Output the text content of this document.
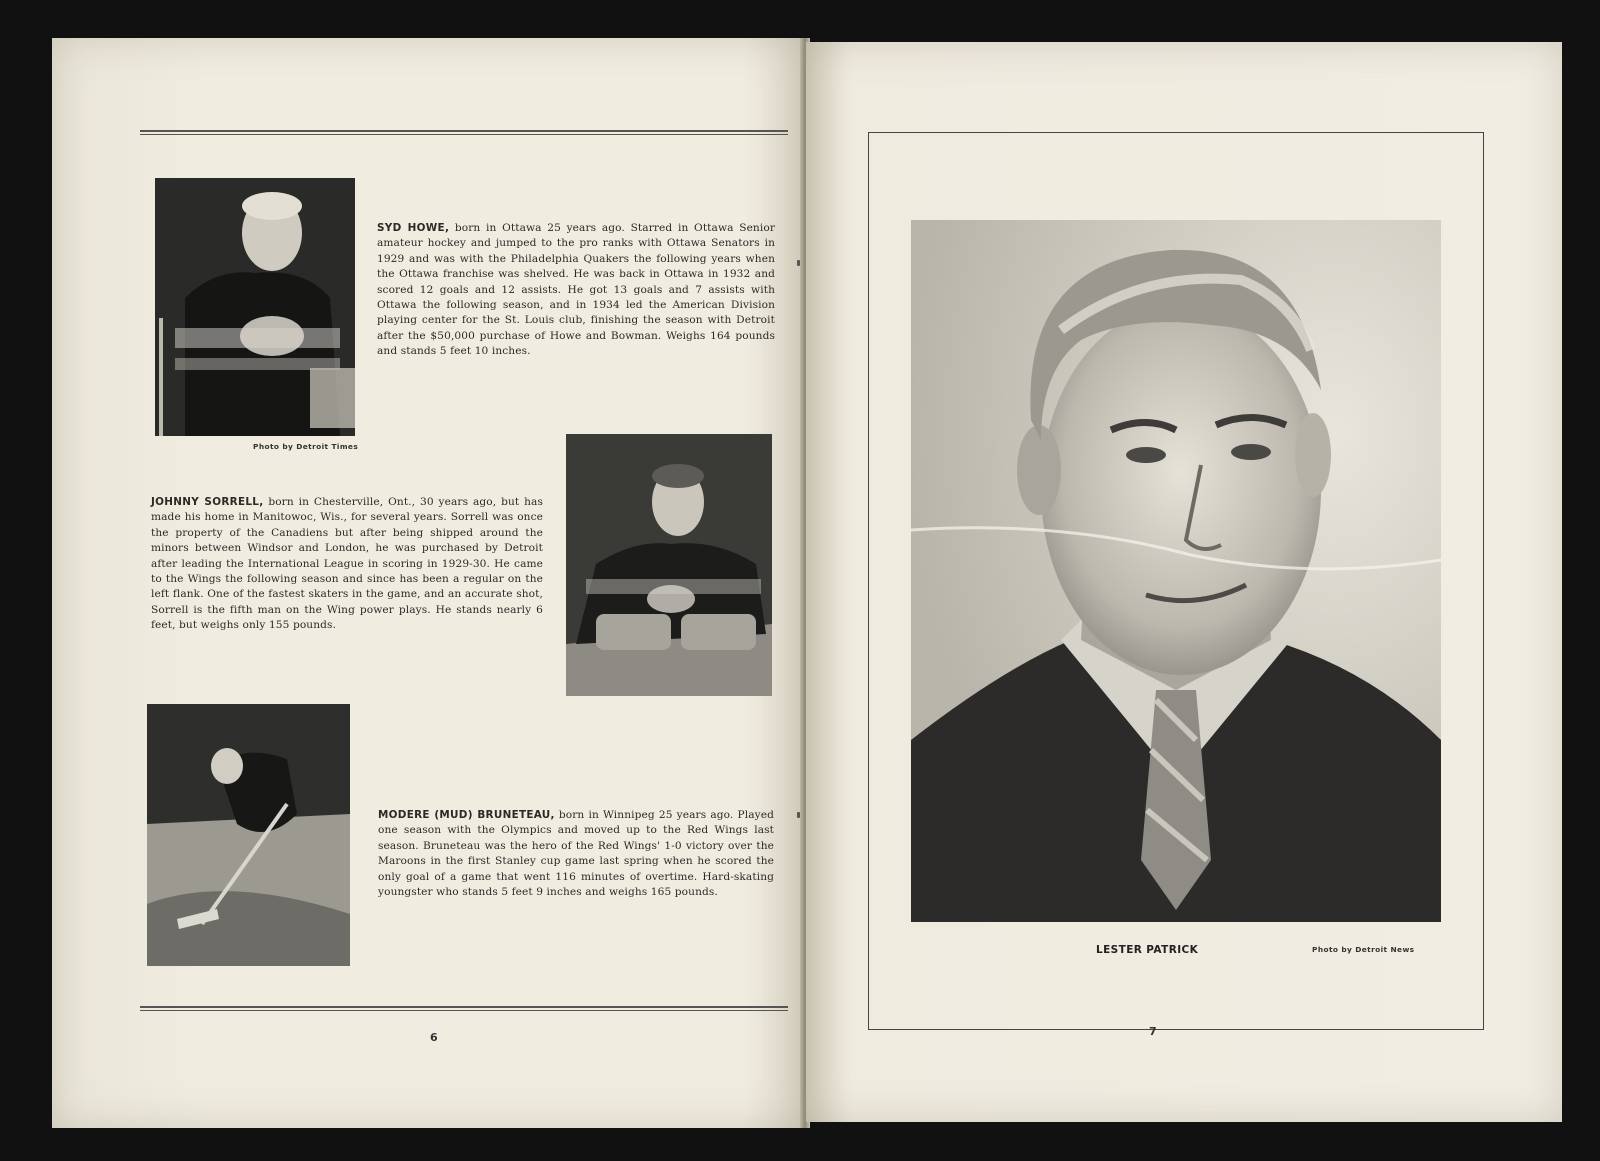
Photo by Detroit Times
SYD HOWE, born in Ottawa 25 years ago. Starred in Ottawa Senior amateur hockey and jumped to the pro ranks with Ottawa Senators in 1929 and was with the Philadelphia Quakers the following years when the Ottawa franchise was shelved. He was back in Ottawa in 1932 and scored 12 goals and 12 assists. He got 13 goals and 7 assists with Ottawa the following season, and in 1934 led the American Division playing center for the St. Louis club, finishing the season with Detroit after the $50,000 purchase of Howe and Bowman. Weighs 164 pounds and stands 5 feet 10 inches.
JOHNNY SORRELL, born in Chesterville, Ont., 30 years ago, but has made his home in Manitowoc, Wis., for several years. Sorrell was once the property of the Canadiens but after being shipped around the minors between Windsor and London, he was purchased by Detroit after leading the International League in scoring in 1929-30. He came to the Wings the following season and since has been a regular on the left flank. One of the fastest skaters in the game, and an accurate shot, Sorrell is the fifth man on the Wing power plays. He stands nearly 6 feet, but weighs only 155 pounds.
MODERE (MUD) BRUNETEAU, born in Winnipeg 25 years ago. Played one season with the Olympics and moved up to the Red Wings last season. Bruneteau was the hero of the Red Wings' 1-0 victory over the Maroons in the first Stanley cup game last spring when he scored the only goal of a game that went 116 minutes of overtime. Hard-skating youngster who stands 5 feet 9 inches and weighs 165 pounds.
6
LESTER PATRICK	Photo by Detroit News
7
